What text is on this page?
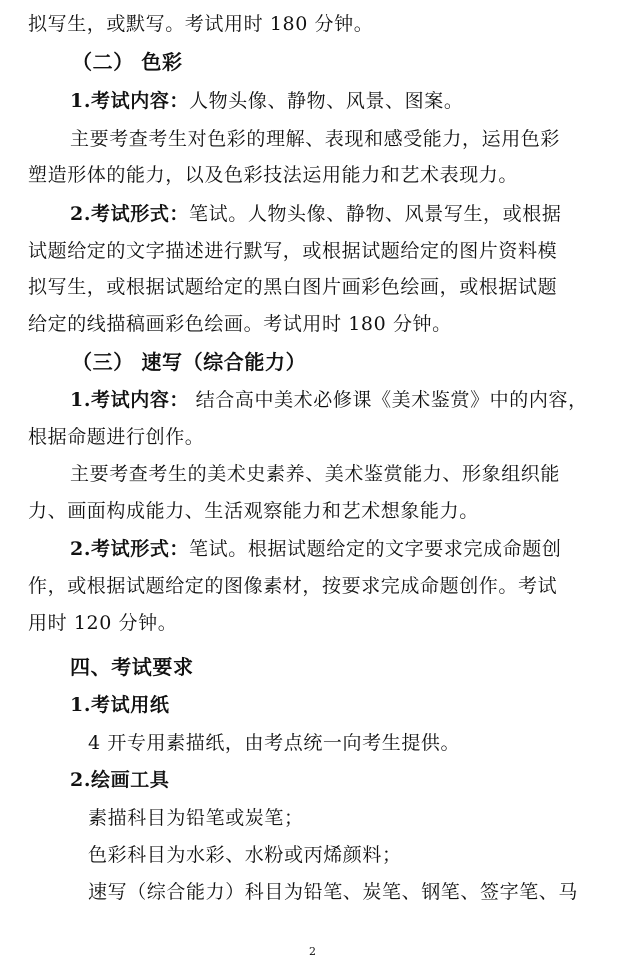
拟写生，或默写。考试用时 180 分钟。
（二） 色彩
1.考试内容：人物头像、静物、风景、图案。
主要考查考生对色彩的理解、表现和感受能力，运用色彩
塑造形体的能力，以及色彩技法运用能力和艺术表现力。
2.考试形式：笔试。人物头像、静物、风景写生，或根据
试题给定的文字描述进行默写，或根据试题给定的图片资料模
拟写生，或根据试题给定的黑白图片画彩色绘画，或根据试题
给定的线描稿画彩色绘画。考试用时 180 分钟。
（三） 速写（综合能力）
1.考试内容： 结合高中美术必修课《美术鉴赏》中的内容，
根据命题进行创作。
主要考查考生的美术史素养、美术鉴赏能力、形象组织能
力、画面构成能力、生活观察能力和艺术想象能力。
2.考试形式：笔试。根据试题给定的文字要求完成命题创
作，或根据试题给定的图像素材，按要求完成命题创作。考试
用时 120 分钟。
四、考试要求
1.考试用纸
4 开专用素描纸，由考点统一向考生提供。
2.绘画工具
素描科目为铅笔或炭笔；
色彩科目为水彩、水粉或丙烯颜料；
速写（综合能力）科目为铅笔、炭笔、钢笔、签字笔、马
2
